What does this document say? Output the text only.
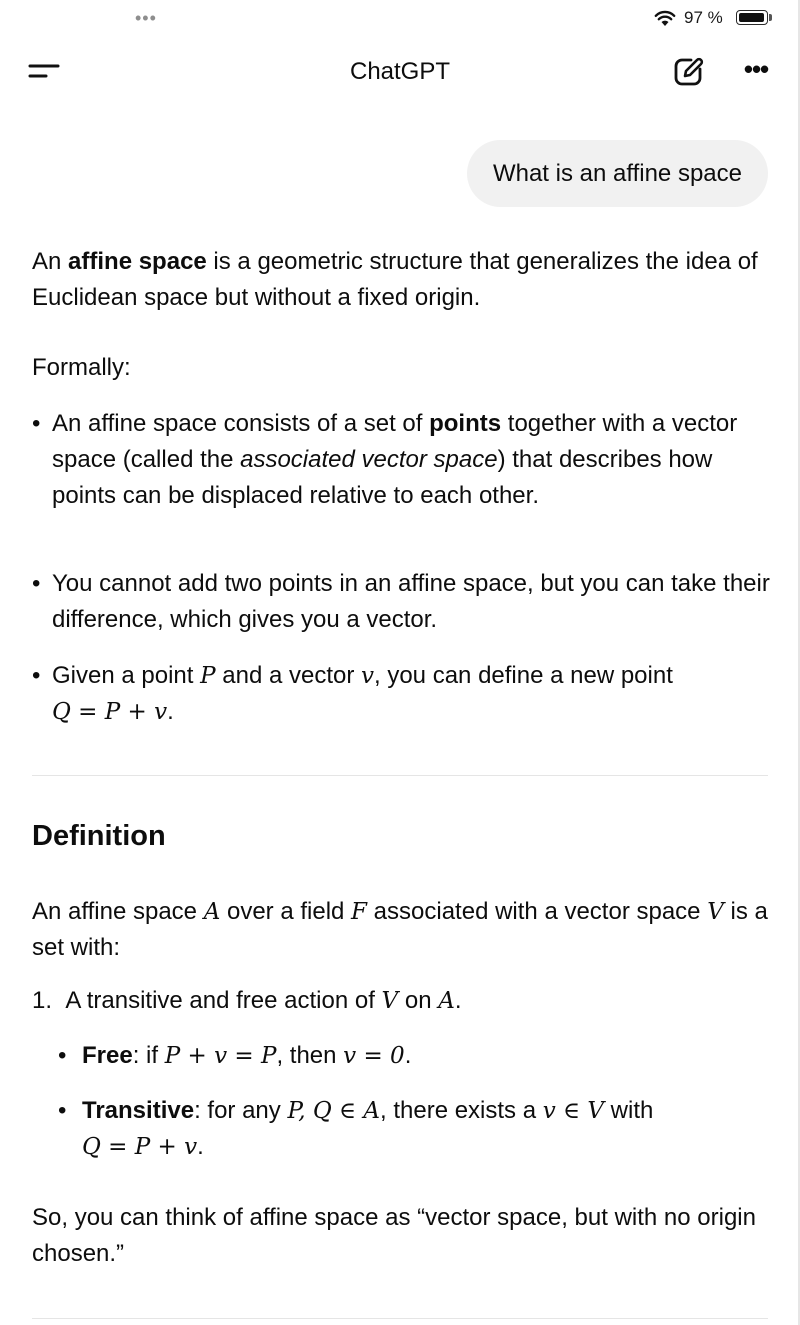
•••	97 %
ChatGPT	•••
What is an affine space

An affine space is a geometric structure that generalizes the idea of Euclidean space but without a fixed origin.

Formally:

• An affine space consists of a set of points together with a vector space (called the associated vector space) that describes how points can be displaced relative to each other.
• You cannot add two points in an affine space, but you can take their difference, which gives you a vector.
• Given a point P and a vector v, you can define a new point
Q = P + v.
Definition

An affine space A over a field F associated with a vector space V is a set with:

1. A transitive and free action of V on A.
• Free: if P + v = P, then v = 0.
• Transitive: for any P, Q ∈ A, there exists a v ∈ V with
Q = P + v.

So, you can think of affine space as “vector space, but with no origin chosen.”
